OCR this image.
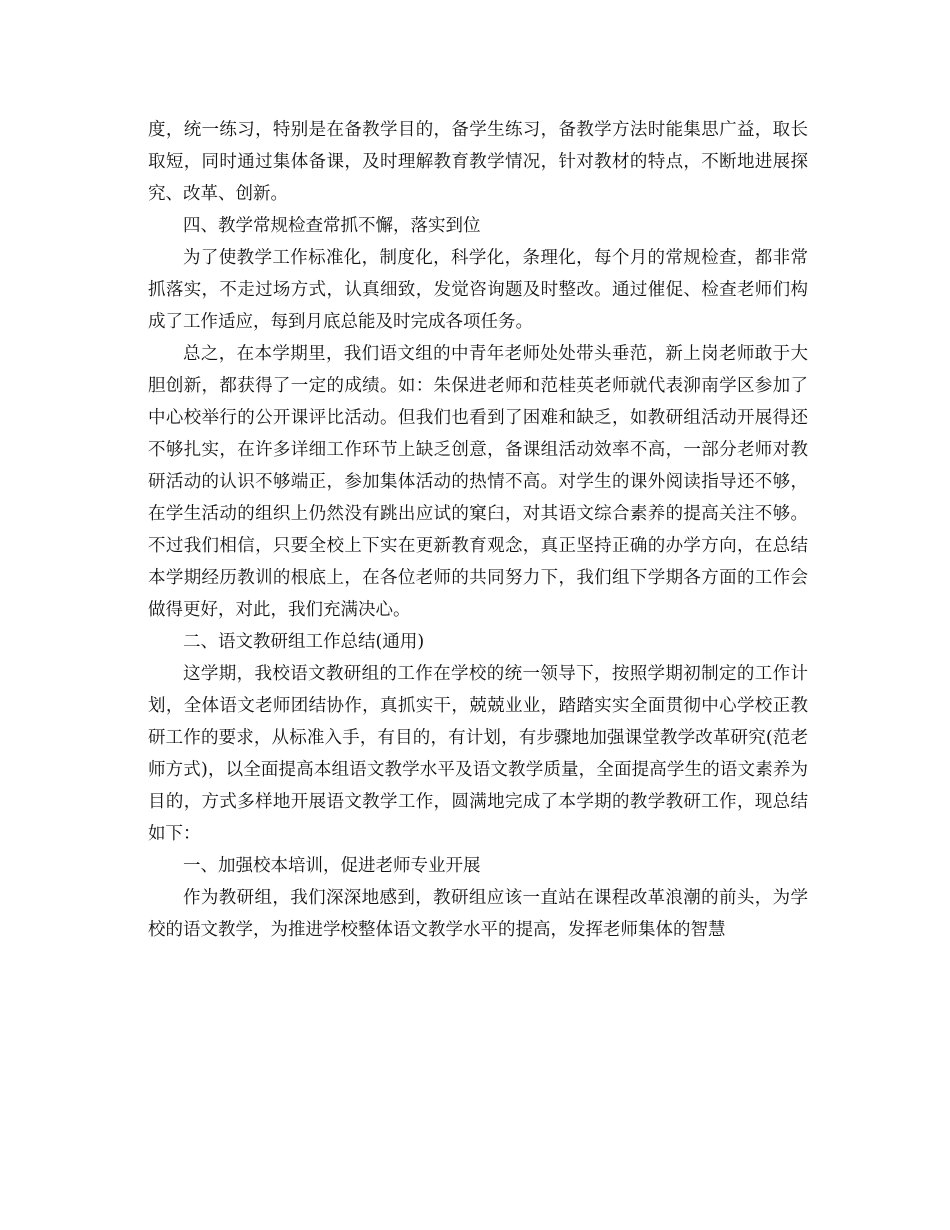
度，统一练习，特别是在备教学目的，备学生练习，备教学方法时能集思广益，取长取短，同时通过集体备课，及时理解教育教学情况，针对教材的特点，不断地进展探究、改革、创新。

四、教学常规检查常抓不懈，落实到位

为了使教学工作标准化，制度化，科学化，条理化，每个月的常规检查，都非常抓落实，不走过场方式，认真细致，发觉咨询题及时整改。通过催促、检查老师们构成了工作适应，每到月底总能及时完成各项任务。

总之，在本学期里，我们语文组的中青年老师处处带头垂范，新上岗老师敢于大胆创新，都获得了一定的成绩。如：朱保进老师和范桂英老师就代表泖南学区参加了中心校举行的公开课评比活动。但我们也看到了困难和缺乏，如教研组活动开展得还不够扎实，在许多详细工作环节上缺乏创意，备课组活动效率不高，一部分老师对教研活动的认识不够端正，参加集体活动的热情不高。对学生的课外阅读指导还不够，在学生活动的组织上仍然没有跳出应试的窠臼，对其语文综合素养的提高关注不够。不过我们相信，只要全校上下实在更新教育观念，真正坚持正确的办学方向，在总结本学期经历教训的根底上，在各位老师的共同努力下，我们组下学期各方面的工作会做得更好，对此，我们充满决心。

二、语文教研组工作总结(通用)

这学期，我校语文教研组的工作在学校的统一领导下，按照学期初制定的工作计划，全体语文老师团结协作，真抓实干，兢兢业业，踏踏实实全面贯彻中心学校正教研工作的要求，从标准入手，有目的，有计划，有步骤地加强课堂教学改革研究(范老师方式)，以全面提高本组语文教学水平及语文教学质量，全面提高学生的语文素养为目的，方式多样地开展语文教学工作，圆满地完成了本学期的教学教研工作，现总结如下：

一、加强校本培训，促进老师专业开展

作为教研组，我们深深地感到，教研组应该一直站在课程改革浪潮的前头，为学校的语文教学，为推进学校整体语文教学水平的提高，发挥老师集体的智慧
